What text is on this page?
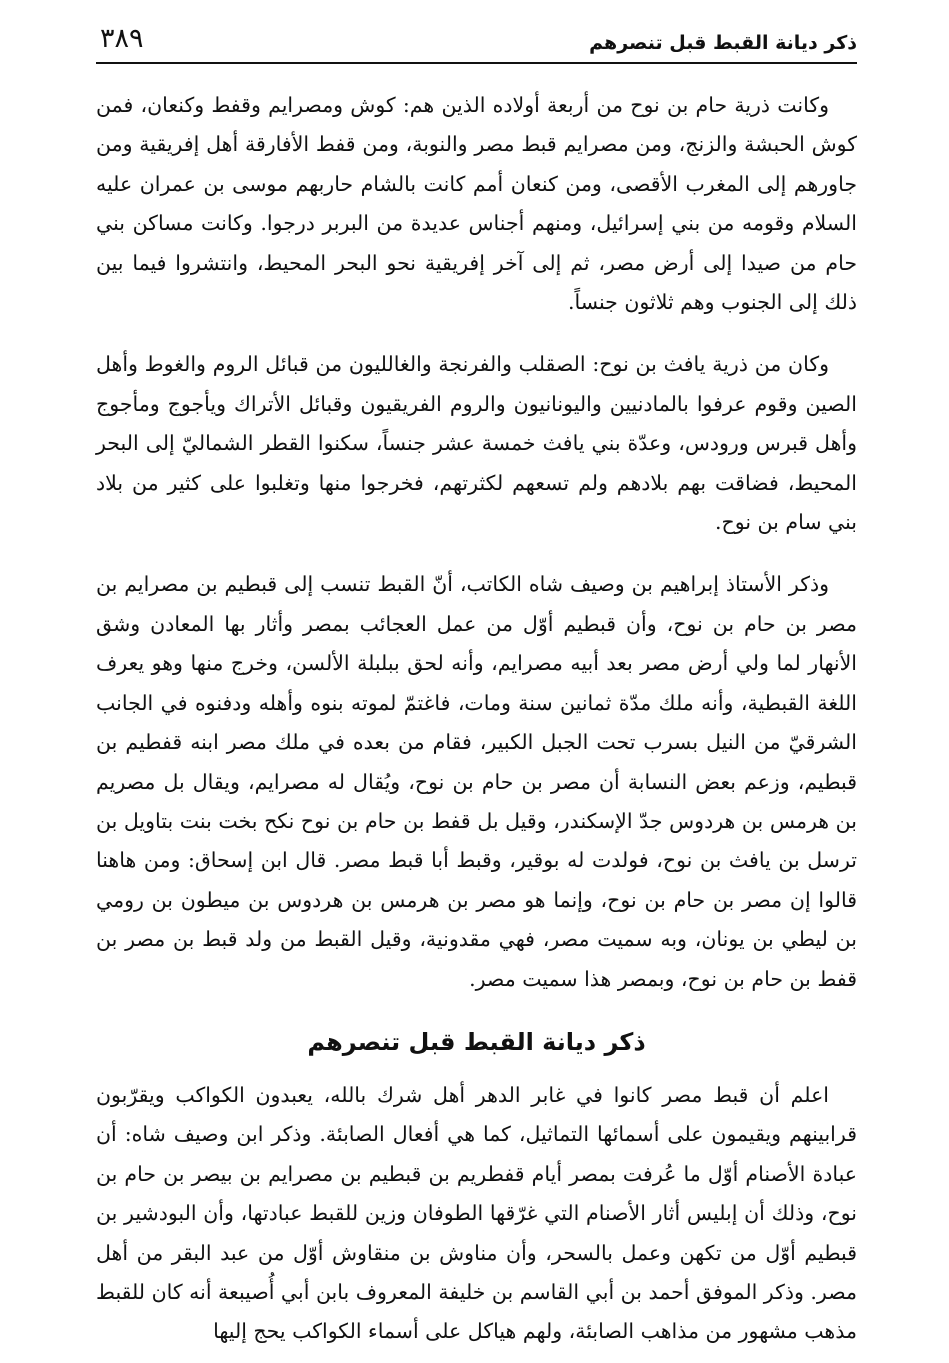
٣٨٩	ذكر ديانة القبط قبل تنصرهم

وكانت ذرية حام بن نوح من أربعة أولاده الذين هم: كوش ومصرايم وقفط وكنعان، فمن كوش الحبشة والزنج، ومن مصرايم قبط مصر والنوبة، ومن قفط الأفارقة أهل إفريقية ومن جاورهم إلى المغرب الأقصى، ومن كنعان أمم كانت بالشام حاربهم موسى بن عمران عليه السلام وقومه من بني إسرائيل، ومنهم أجناس عديدة من البربر درجوا. وكانت مساكن بني حام من صيدا إلى أرض مصر، ثم إلى آخر إفريقية نحو البحر المحيط، وانتشروا فيما بين ذلك إلى الجنوب وهم ثلاثون جنساً.

وكان من ذرية يافث بن نوح: الصقلب والفرنجة والغالليون من قبائل الروم والغوط وأهل الصين وقوم عرفوا بالمادنيين واليونانيون والروم الفريقيون وقبائل الأتراك ويأجوج ومأجوج وأهل قبرس ورودس، وعدّة بني يافث خمسة عشر جنساً، سكنوا القطر الشماليّ إلى البحر المحيط، فضاقت بهم بلادهم ولم تسعهم لكثرتهم، فخرجوا منها وتغلبوا على كثير من بلاد بني سام بن نوح.

وذكر الأستاذ إبراهيم بن وصيف شاه الكاتب، أنّ القبط تنسب إلى قبطيم بن مصرايم بن مصر بن حام بن نوح، وأن قبطيم أوّل من عمل العجائب بمصر وأثار بها المعادن وشق الأنهار لما ولي أرض مصر بعد أبيه مصرايم، وأنه لحق ببلبلة الألسن، وخرج منها وهو يعرف اللغة القبطية، وأنه ملك مدّة ثمانين سنة ومات، فاغتمّ لموته بنوه وأهله ودفنوه في الجانب الشرقيّ من النيل بسرب تحت الجبل الكبير، فقام من بعده في ملك مصر ابنه قفطيم بن قبطيم، وزعم بعض النسابة أن مصر بن حام بن نوح، ويُقال له مصرايم، ويقال بل مصريم بن هرمس بن هردوس جدّ الإسكندر، وقيل بل قفط بن حام بن نوح نكح بخت بنت بتاويل بن ترسل بن يافث بن نوح، فولدت له بوقير، وقبط أبا قبط مصر. قال ابن إسحاق: ومن هاهنا قالوا إن مصر بن حام بن نوح، وإنما هو مصر بن هرمس بن هردوس بن ميطون بن رومي بن ليطي بن يونان، وبه سميت مصر، فهي مقدونية، وقيل القبط من ولد قبط بن مصر بن قفط بن حام بن نوح، وبمصر هذا سميت مصر.

ذكر ديانة القبط قبل تنصرهم

اعلم أن قبط مصر كانوا في غابر الدهر أهل شرك بالله، يعبدون الكواكب ويقرّبون قرابينهم ويقيمون على أسمائها التماثيل، كما هي أفعال الصابئة. وذكر ابن وصيف شاه: أن عبادة الأصنام أوّل ما عُرفت بمصر أيام قفطريم بن قبطيم بن مصرايم بن بيصر بن حام بن نوح، وذلك أن إبليس أثار الأصنام التي غرّقها الطوفان وزين للقبط عبادتها، وأن البودشير بن قبطيم أوّل من تكهن وعمل بالسحر، وأن مناوش بن منقاوش أوّل من عبد البقر من أهل مصر. وذكر الموفق أحمد بن أبي القاسم بن خليفة المعروف بابن أبي أُصيبعة أنه كان للقبط مذهب مشهور من مذاهب الصابئة، ولهم هياكل على أسماء الكواكب يحج إليها
